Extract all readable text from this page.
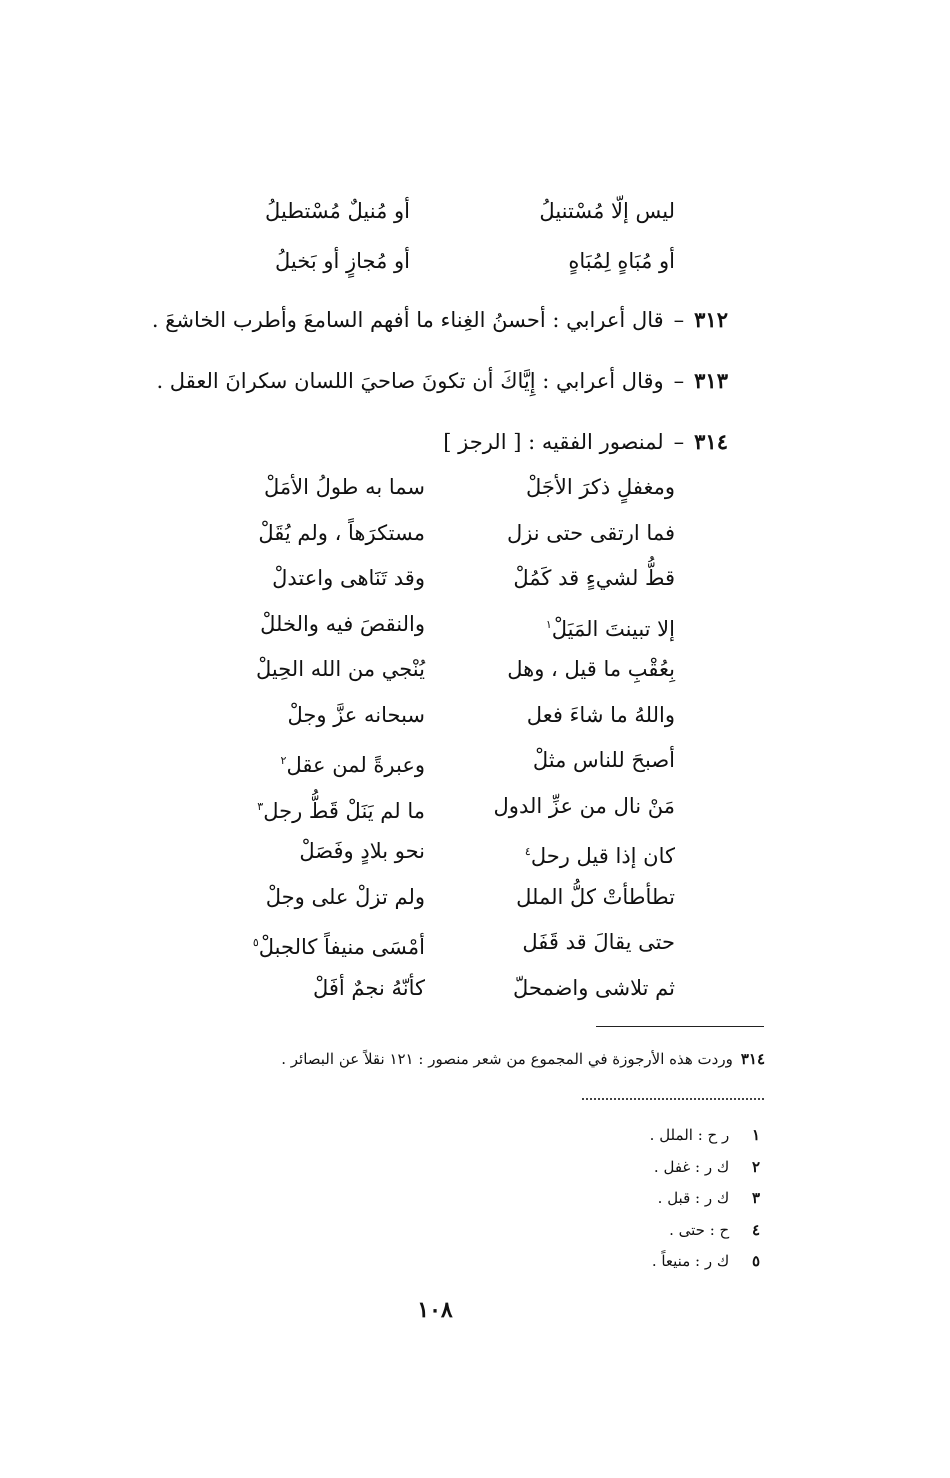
ليس إلّا مُسْتنيلُ
أو مُنيلٌ مُسْتطيلُ
أو مُبَاهٍ لِمُبَاهٍ
أو مُجازٍ أو بَخيلُ
٣١٢–قال أعرابي : أحسنُ الغِناء ما أفهم السامعَ وأطرب الخاشعَ .
٣١٣–وقال أعرابي : إِيَّاكَ أن تكونَ صاحيَ اللسان سكرانَ العقل .
٣١٤–لمنصور الفقيه : [ الرجز ]
ومغفلٍ ذكرَ الأجَلْ
سما به طولُ الأمَلْ
فما ارتقى حتى نزل
مستكرَهاً ، ولم يُقَلْ
قطُّ لشيءٍ قد كَمُلْ
وقد تَنَاهى واعتدلْ
إلا تبينتَ المَيَلْ$^١$
والنقصَ فيه والخللْ
بِعُقْبِ ما قيل ، وهل
يُنْجي من الله الحِيلْ
واللهُ ما شاءَ فعل
سبحانه عزَّ وجلْ
أصبحَ للناس مثلْ
وعبرةً لمن عقل$^٢$
مَنْ نال من عزِّ الدول
ما لم يَنَلْ قَطُّ رجل$^٣$
كان إذا قيل رحل$^٤$
نحو بلادٍ وفَصَلْ
تطأطأتْ كلُّ الملل
ولم تزلْ على وجلْ
حتى يقالَ قد قَفَل
أمْسَى منيفاً كالجبلْ$^٥$
ثم تلاشى واضمحلّ
كأنّهُ نجمٌ أفَلْ
٣١٤وردت هذه الأرجوزة في المجموع من شعر منصور : ١٢١ نقلاً عن البصائر .
١ ر ح : الملل .
٢ ك ر : غفل .
٣ ك ر : قبل .
٤ ح : حتى .
٥ ك ر : منيعاً .
١٠٨
